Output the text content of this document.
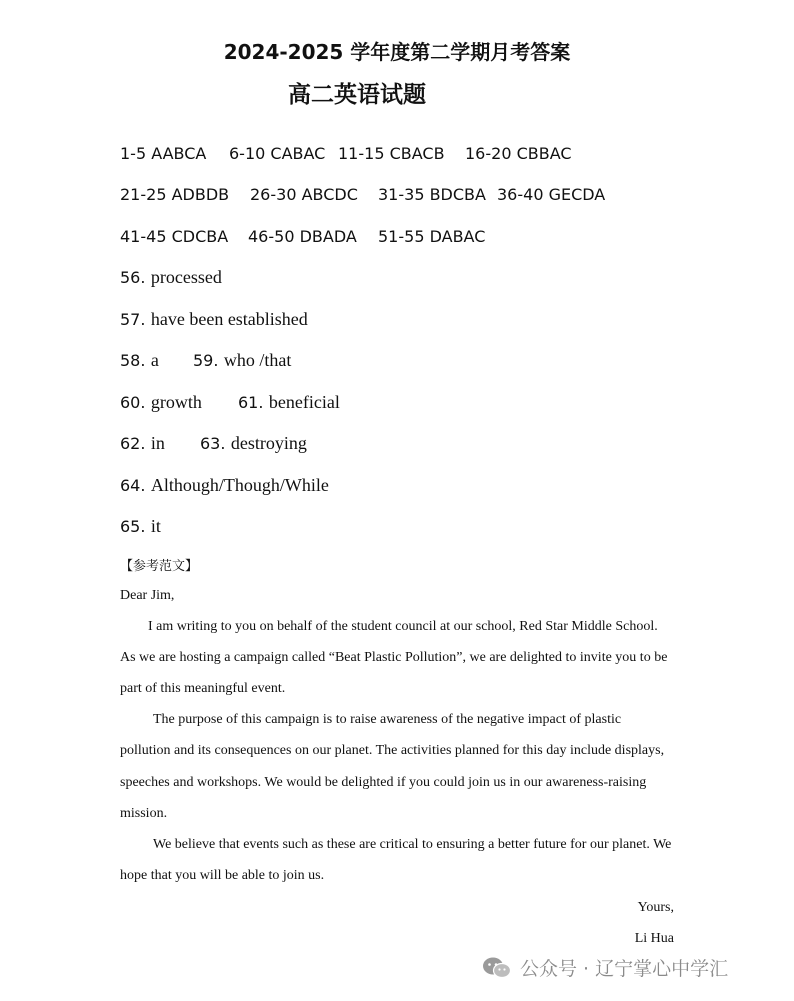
2024-2025 学年度第二学期月考答案
高二英语试题
1-5 AABCA 6-10 CABAC 11-15 CBACB 16-20 CBBAC
21-25 ADBDB 26-30 ABCDC 31-35 BDCBA 36-40 GECDA
41-45 CDCBA 46-50 DBADA 51-55 DABAC
56. processed
57. have been established
58. a 59. who /that
60. growth 61. beneficial
62. in 63. destroying
64. Although/Though/While
65. it
【参考范文】

Dear Jim,

I am writing to you on behalf of the student council at our school, Red Star Middle School.

As we are hosting a campaign called “Beat Plastic Pollution”, we are delighted to invite you to be

part of this meaningful event.

The purpose of this campaign is to raise awareness of the negative impact of plastic

pollution and its consequences on our planet. The activities planned for this day include displays,

speeches and workshops. We would be delighted if you could join us in our awareness-raising

mission.

We believe that events such as these are critical to ensuring a better future for our planet. We

hope that you will be able to join us.

Yours,
Li Hua
公众号 · 辽宁掌心中学汇
